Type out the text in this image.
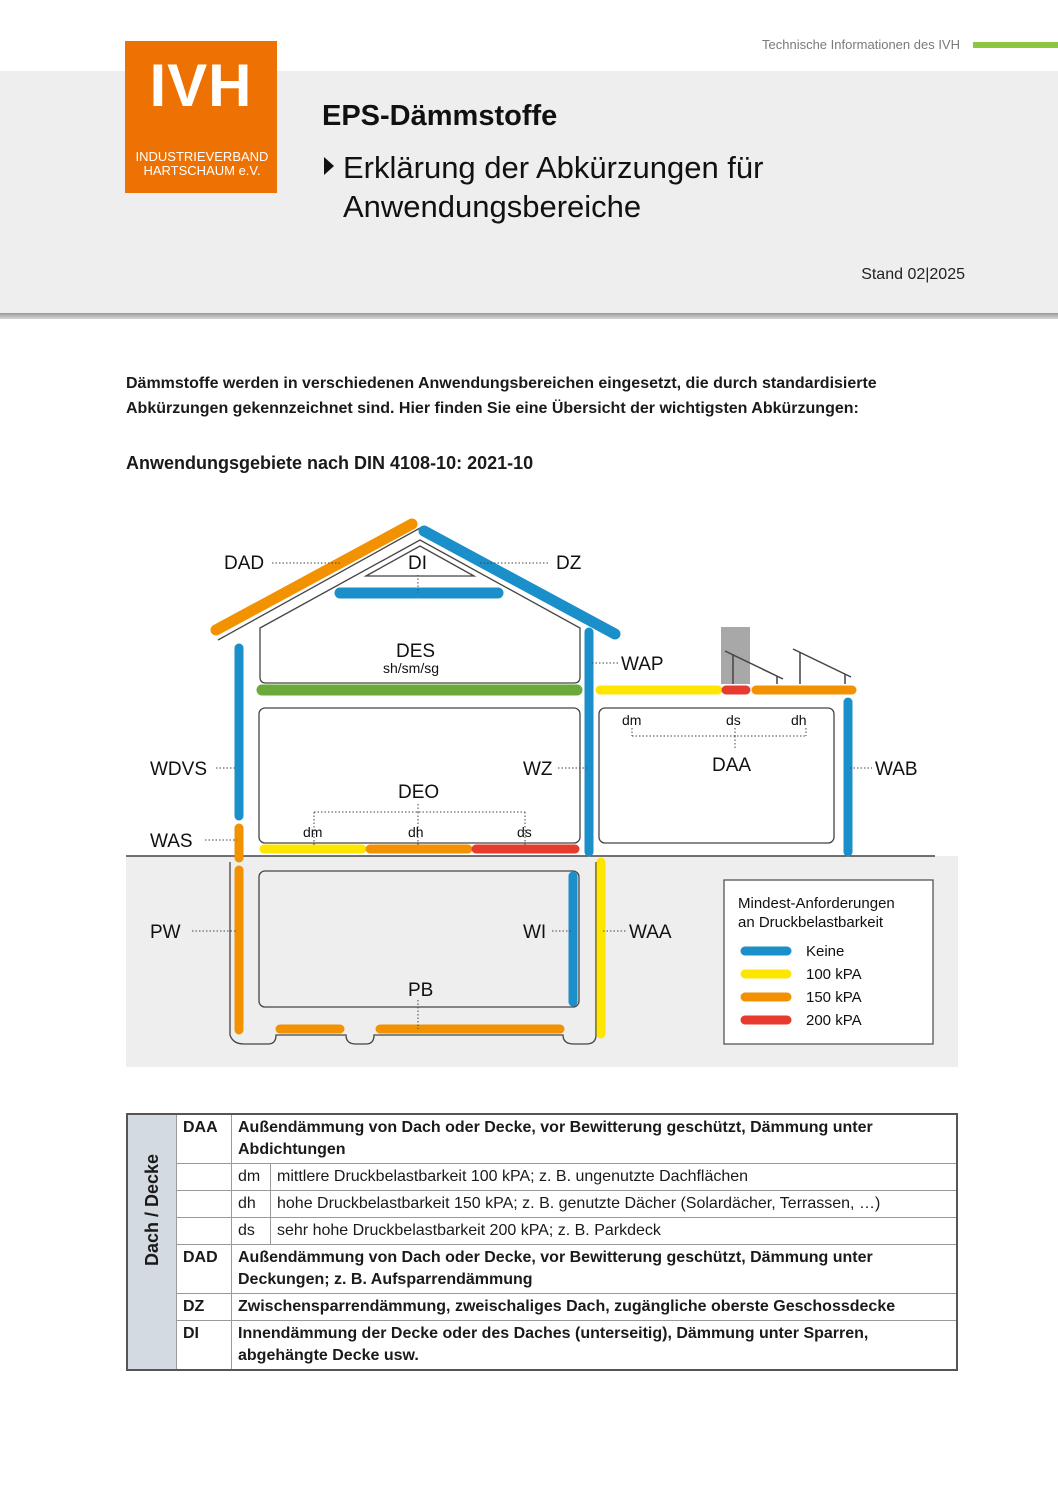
Technische Informationen des IVH
IVH
INDUSTRIEVERBAND
HARTSCHAUM e.V.
EPS-Dämmstoffe
Erklärung der Abkürzungen für Anwendungsbereiche
Stand 02|2025
Dämmstoffe werden in verschiedenen Anwendungsbereichen eingesetzt, die durch standardisierte Abkürzungen gekennzeichnet sind. Hier finden Sie eine Übersicht der wichtigsten Abkürzungen:
Anwendungsgebiete nach DIN 4108-10: 2021-10
DAD	DI	DZ
DES
WAP
WDVS	WZ
DEO
DAA	WAB
WAS
PW	WI	WAA
PB
sh/sm/sg
dm	dh	ds
dm	ds	dh
Mindest-Anforderungen
an Druckbelastbarkeit
Keine
100 kPA
150 kPA
200 kPA
Dach / Decke	DAA	Außendämmung von Dach oder Decke, vor Bewitterung geschützt, Dämmung unter Abdichtungen	
		dm	mittlere Druckbelastbarkeit 100 kPA; z. B. ungenutzte Dachflächen
		dh	hohe Druckbelastbarkeit 150 kPA; z. B. genutzte Dächer (Solardächer, Terrassen, …)
		ds	sehr hohe Druckbelastbarkeit 200 kPA; z. B. Parkdeck
	DAD	Außendämmung von Dach oder Decke, vor Bewitterung geschützt, Dämmung unter Deckungen; z. B. Aufsparrendämmung	
	DZ	Zwischensparrendämmung, zweischaliges Dach, zugängliche oberste Geschossdecke	
	DI	Innendämmung der Decke oder des Daches (unterseitig), Dämmung unter Sparren, abgehängte Decke usw.	
